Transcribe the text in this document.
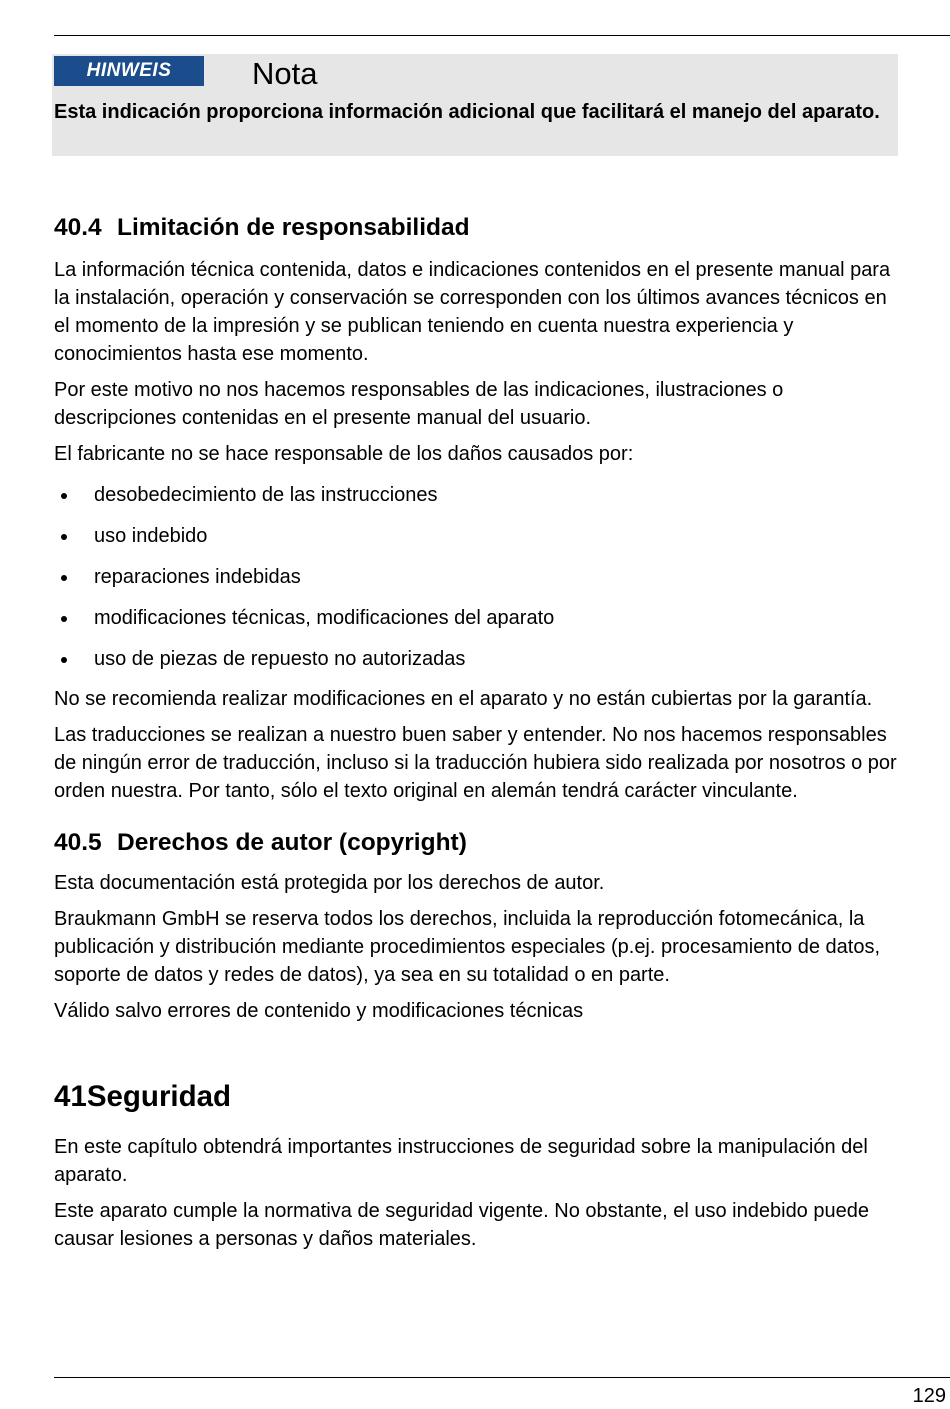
HINWEIS	Nota
Esta indicación proporciona información adicional que facilitará el manejo del aparato.
40.4 Limitación de responsabilidad

La información técnica contenida, datos e indicaciones contenidos en el presente manual para la instalación, operación y conservación se corresponden con los últimos avances técnicos en el momento de la impresión y se publican teniendo en cuenta nuestra experiencia y conocimientos hasta ese momento.

Por este motivo no nos hacemos responsables de las indicaciones, ilustraciones o descripciones contenidas en el presente manual del usuario.

El fabricante no se hace responsable de los daños causados por:

desobedecimiento de las instrucciones
uso indebido
reparaciones indebidas
modificaciones técnicas, modificaciones del aparato
uso de piezas de repuesto no autorizadas

No se recomienda realizar modificaciones en el aparato y no están cubiertas por la garantía.

Las traducciones se realizan a nuestro buen saber y entender. No nos hacemos responsables de ningún error de traducción, incluso si la traducción hubiera sido realizada por nosotros o por orden nuestra. Por tanto, sólo el texto original en alemán tendrá carácter vinculante.

40.5 Derechos de autor (copyright)

Esta documentación está protegida por los derechos de autor.

Braukmann GmbH se reserva todos los derechos, incluida la reproducción fotomecánica, la publicación y distribución mediante procedimientos especiales (p.ej. procesamiento de datos, soporte de datos y redes de datos), ya sea en su totalidad o en parte.

Válido salvo errores de contenido y modificaciones técnicas

41Seguridad

En este capítulo obtendrá importantes instrucciones de seguridad sobre la manipulación del aparato.

Este aparato cumple la normativa de seguridad vigente. No obstante, el uso indebido puede causar lesiones a personas y daños materiales.

129
